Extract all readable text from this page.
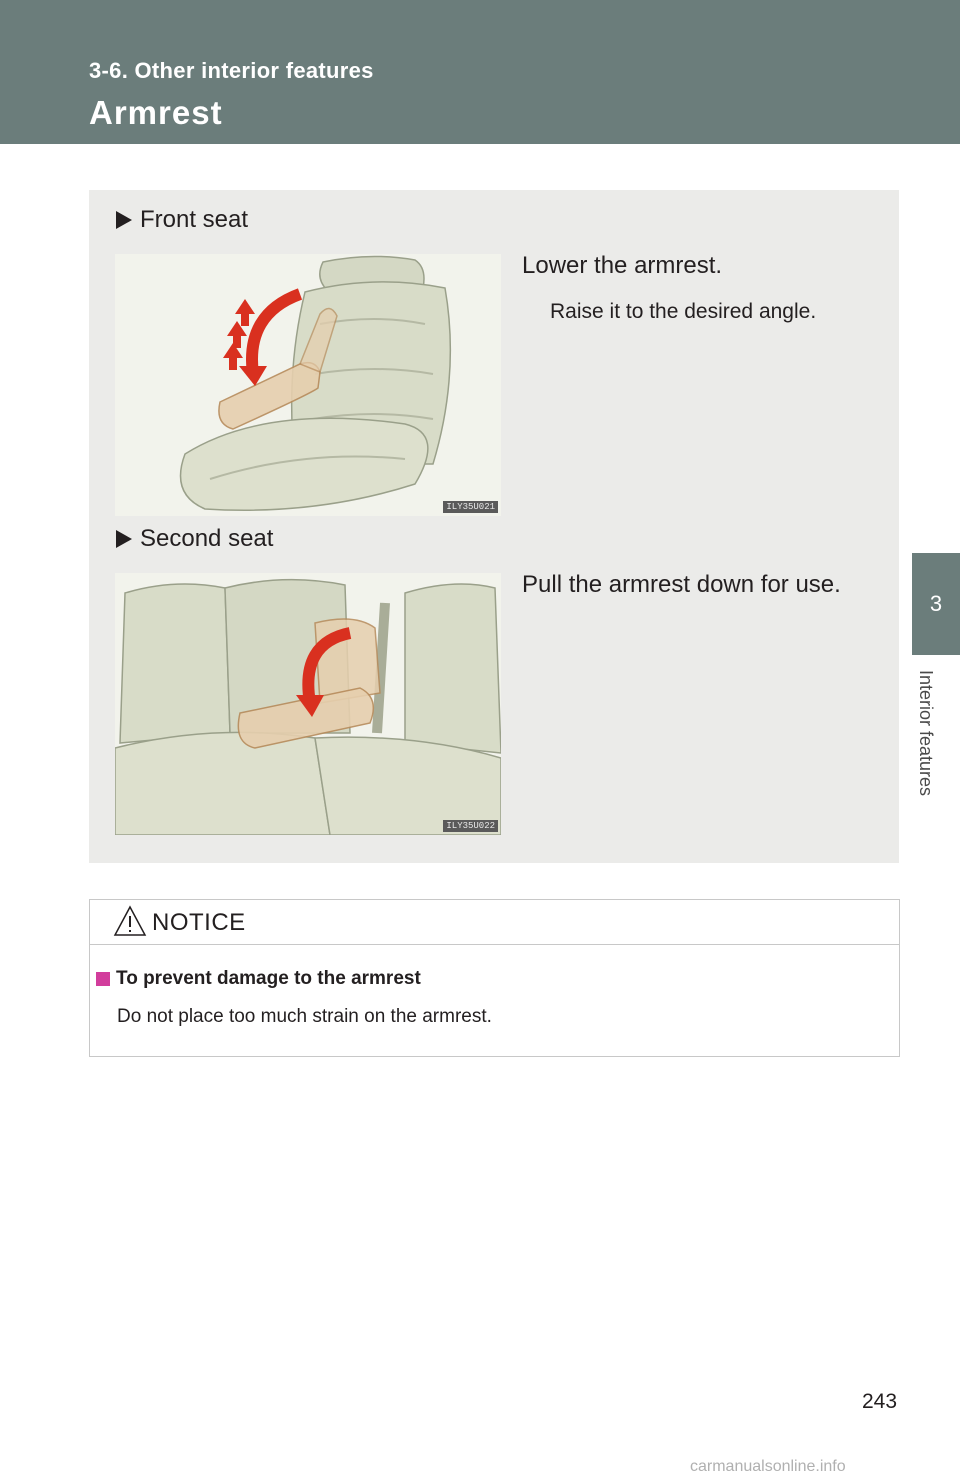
3-6. Other interior features
Armrest
3
Interior features
Front seat
ILY35U021
Lower the armrest.
Raise it to the desired angle.
Second seat
ILY35U022
Pull the armrest down for use.
NOTICE
To prevent damage to the armrest
Do not place too much strain on the armrest.
243
carmanualsonline.info
